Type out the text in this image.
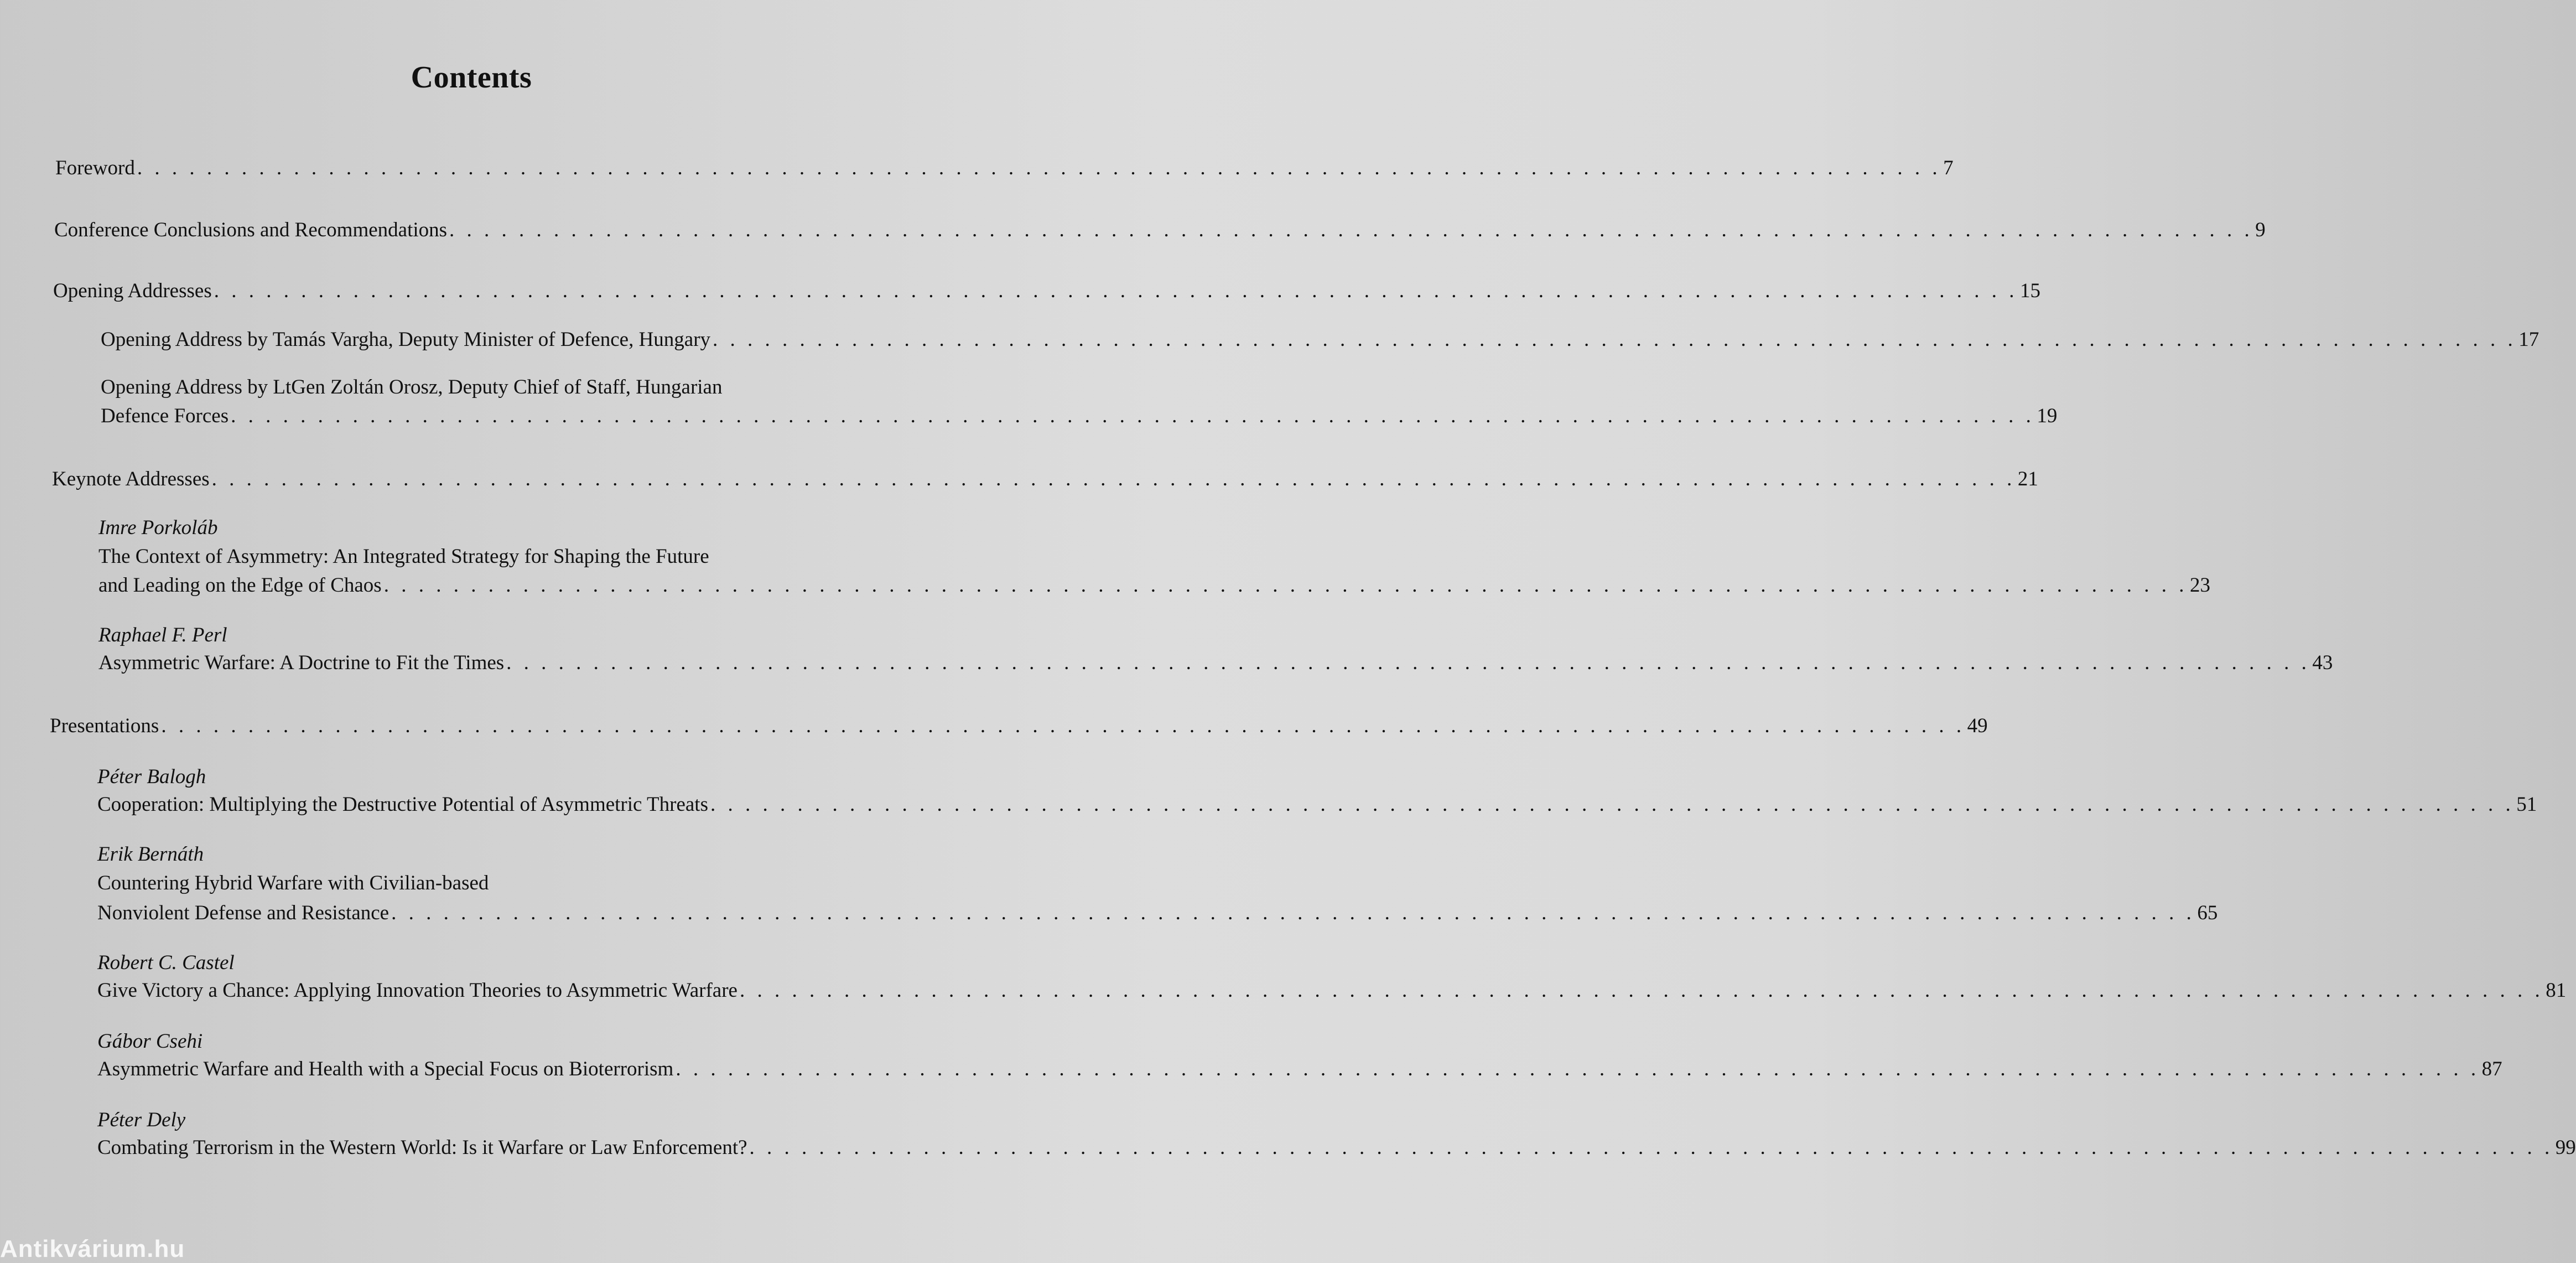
Contents
Foreword . . . . . . . . . . . . . . . . . . . . . . . . . . . . . . . . . . . . . . . . . . . . . . . . . . . . . . . . . . . . . . . . . . . . . . . . . . . . . . . . . . . . . . . . . . . . . . . . . . . . . . . . 7
Conference Conclusions and Recommendations . . . . . . . . . . . . . . . . . . . . . . . . . . . . . . . . . . . . . . . . . . . . . . . . . . . . . . . . . . . . . . . . . . . . . . . . . . . . . . . . . . . . . . . . . . . . . . . . . . . . . . . . 9
Opening Addresses . . . . . . . . . . . . . . . . . . . . . . . . . . . . . . . . . . . . . . . . . . . . . . . . . . . . . . . . . . . . . . . . . . . . . . . . . . . . . . . . . . . . . . . . . . . . . . . . . . . . . . . . 15
Opening Address by Tamás Vargha, Deputy Minister of Defence, Hungary . . . . . . . . . . . . . . . . . . . . . . . . . . . . . . . . . . . . . . . . . . . . . . . . . . . . . . . . . . . . . . . . . . . . . . . . . . . . . . . . . . . . . . . . . . . . . . . . . . . . . . . . 17
Opening Address by LtGen Zoltán Orosz, Deputy Chief of Staff, Hungarian
Defence Forces . . . . . . . . . . . . . . . . . . . . . . . . . . . . . . . . . . . . . . . . . . . . . . . . . . . . . . . . . . . . . . . . . . . . . . . . . . . . . . . . . . . . . . . . . . . . . . . . . . . . . . . . 19
Keynote Addresses . . . . . . . . . . . . . . . . . . . . . . . . . . . . . . . . . . . . . . . . . . . . . . . . . . . . . . . . . . . . . . . . . . . . . . . . . . . . . . . . . . . . . . . . . . . . . . . . . . . . . . . . 21
Imre Porkoláb
The Context of Asymmetry: An Integrated Strategy for Shaping the Future
and Leading on the Edge of Chaos . . . . . . . . . . . . . . . . . . . . . . . . . . . . . . . . . . . . . . . . . . . . . . . . . . . . . . . . . . . . . . . . . . . . . . . . . . . . . . . . . . . . . . . . . . . . . . . . . . . . . . . . 23
Raphael F. Perl
Asymmetric Warfare: A Doctrine to Fit the Times . . . . . . . . . . . . . . . . . . . . . . . . . . . . . . . . . . . . . . . . . . . . . . . . . . . . . . . . . . . . . . . . . . . . . . . . . . . . . . . . . . . . . . . . . . . . . . . . . . . . . . . . 43
Presentations . . . . . . . . . . . . . . . . . . . . . . . . . . . . . . . . . . . . . . . . . . . . . . . . . . . . . . . . . . . . . . . . . . . . . . . . . . . . . . . . . . . . . . . . . . . . . . . . . . . . . . . . 49
Péter Balogh
Cooperation: Multiplying the Destructive Potential of Asymmetric Threats . . . . . . . . . . . . . . . . . . . . . . . . . . . . . . . . . . . . . . . . . . . . . . . . . . . . . . . . . . . . . . . . . . . . . . . . . . . . . . . . . . . . . . . . . . . . . . . . . . . . . . . . 51
Erik Bernáth
Countering Hybrid Warfare with Civilian-based
Nonviolent Defense and Resistance . . . . . . . . . . . . . . . . . . . . . . . . . . . . . . . . . . . . . . . . . . . . . . . . . . . . . . . . . . . . . . . . . . . . . . . . . . . . . . . . . . . . . . . . . . . . . . . . . . . . . . . . 65
Robert C. Castel
Give Victory a Chance: Applying Innovation Theories to Asymmetric Warfare . . . . . . . . . . . . . . . . . . . . . . . . . . . . . . . . . . . . . . . . . . . . . . . . . . . . . . . . . . . . . . . . . . . . . . . . . . . . . . . . . . . . . . . . . . . . . . . . . . . . . . . . 81
Gábor Csehi
Asymmetric Warfare and Health with a Special Focus on Bioterrorism . . . . . . . . . . . . . . . . . . . . . . . . . . . . . . . . . . . . . . . . . . . . . . . . . . . . . . . . . . . . . . . . . . . . . . . . . . . . . . . . . . . . . . . . . . . . . . . . . . . . . . . . 87
Péter Dely
Combating Terrorism in the Western World: Is it Warfare or Law Enforcement? . . . . . . . . . . . . . . . . . . . . . . . . . . . . . . . . . . . . . . . . . . . . . . . . . . . . . . . . . . . . . . . . . . . . . . . . . . . . . . . . . . . . . . . . . . . . . . . . . . . . . . . . 99
Antikvárium.hu
